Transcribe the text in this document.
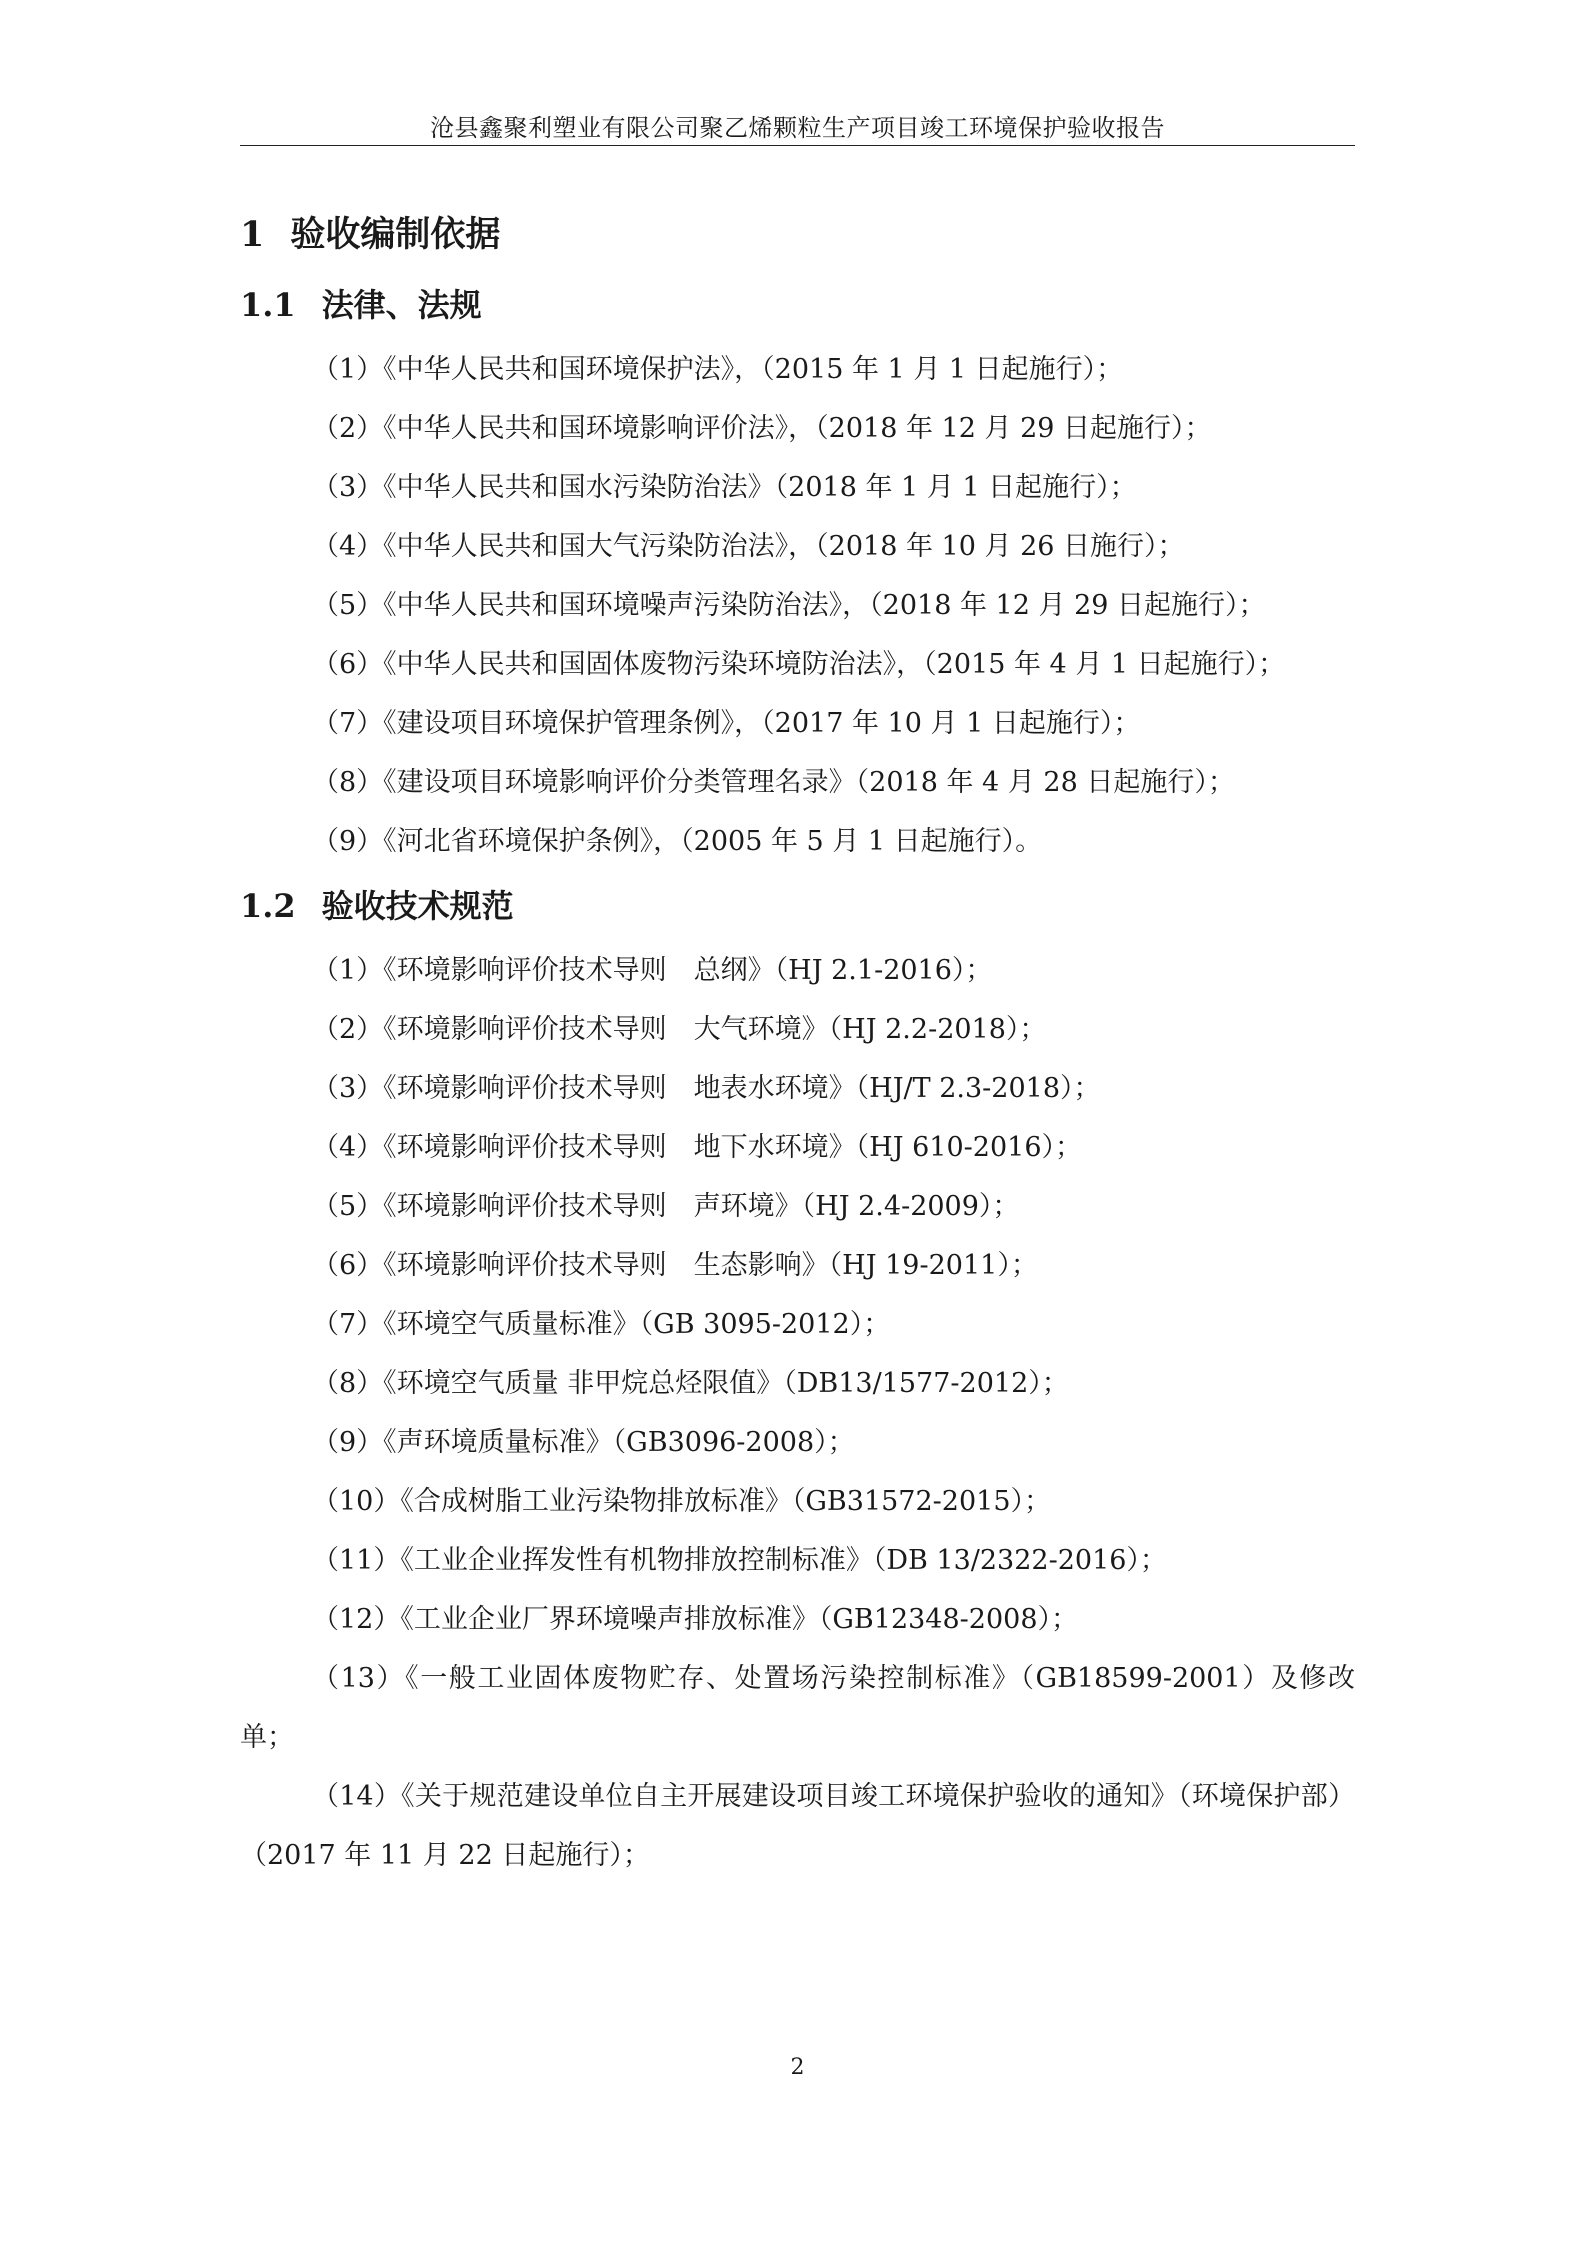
沧县鑫聚利塑业有限公司聚乙烯颗粒生产项目竣工环境保护验收报告
1 验收编制依据
1.1 法律、法规
（1）《中华人民共和国环境保护法》，（2015 年 1 月 1 日起施行）；
（2）《中华人民共和国环境影响评价法》，（2018 年 12 月 29 日起施行）；
（3）《中华人民共和国水污染防治法》（2018 年 1 月 1 日起施行）；
（4）《中华人民共和国大气污染防治法》，（2018 年 10 月 26 日施行）；
（5）《中华人民共和国环境噪声污染防治法》，（2018 年 12 月 29 日起施行）；
（6）《中华人民共和国固体废物污染环境防治法》，（2015 年 4 月 1 日起施行）；
（7）《建设项目环境保护管理条例》，（2017 年 10 月 1 日起施行）；
（8）《建设项目环境影响评价分类管理名录》（2018 年 4 月 28 日起施行）；
（9）《河北省环境保护条例》，（2005 年 5 月 1 日起施行）。
1.2 验收技术规范
（1）《环境影响评价技术导则　总纲》（HJ 2.1-2016）；
（2）《环境影响评价技术导则　大气环境》（HJ 2.2-2018）；
（3）《环境影响评价技术导则　地表水环境》（HJ/T 2.3-2018）；
（4）《环境影响评价技术导则　地下水环境》（HJ 610-2016）；
（5）《环境影响评价技术导则　声环境》（HJ 2.4-2009）；
（6）《环境影响评价技术导则　生态影响》（HJ 19-2011）；
（7）《环境空气质量标准》（GB 3095-2012）；
（8）《环境空气质量 非甲烷总烃限值》（DB13/1577-2012）；
（9）《声环境质量标准》（GB3096-2008）；
（10）《合成树脂工业污染物排放标准》（GB31572-2015）；
（11）《工业企业挥发性有机物排放控制标准》（DB 13/2322-2016）；
（12）《工业企业厂界环境噪声排放标准》（GB12348-2008）；
（13）《一般工业固体废物贮存、处置场污染控制标准》（GB18599-2001）及修改单；
（14）《关于规范建设单位自主开展建设项目竣工环境保护验收的通知》（环境保护部）（2017 年 11 月 22 日起施行）；
2
